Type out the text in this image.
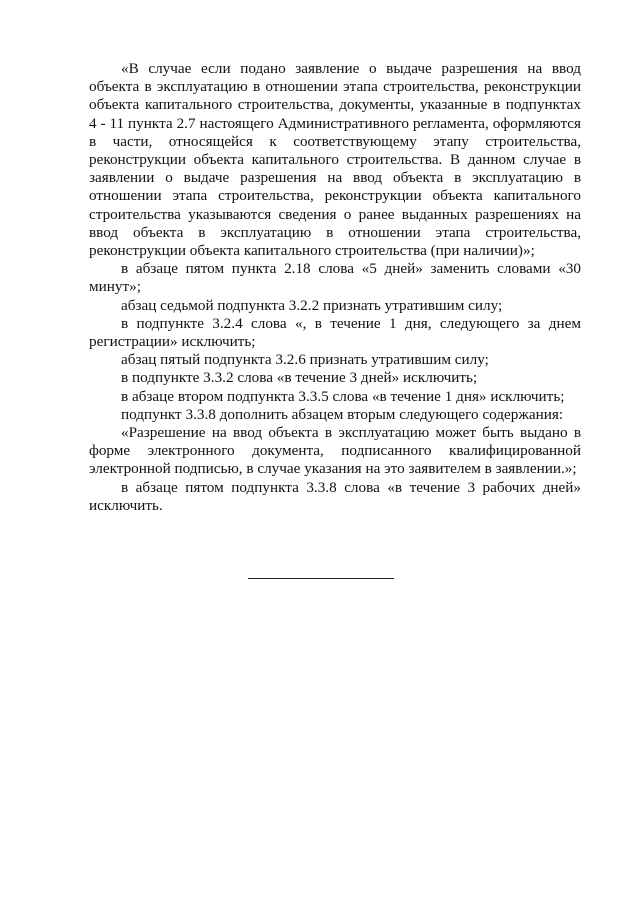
«В случае если подано заявление о выдаче разрешения на ввод объекта в эксплуатацию в отношении этапа строительства, реконструкции объекта капитального строительства, документы, указанные в подпунктах 4 - 11 пункта 2.7 настоящего Административного регламента, оформляются в части, относящейся к соответствующему этапу строительства, реконструкции объекта капитального строительства. В данном случае в заявлении о выдаче разрешения на ввод объекта в эксплуатацию в отношении этапа строительства, реконструкции объекта капитального строительства указываются сведения о ранее выданных разрешениях на ввод объекта в эксплуатацию в отношении этапа строительства, реконструкции объекта капитального строительства (при наличии)»;

в абзаце пятом пункта 2.18 слова «5 дней» заменить словами «30 минут»;

абзац седьмой подпункта 3.2.2 признать утратившим силу;

в подпункте 3.2.4 слова «, в течение 1 дня, следующего за днем регистрации» исключить;

абзац пятый подпункта 3.2.6 признать утратившим силу;

в подпункте 3.3.2 слова «в течение 3 дней» исключить;

в абзаце втором подпункта 3.3.5 слова «в течение 1 дня» исключить;

подпункт 3.3.8 дополнить абзацем вторым следующего содержания:

«Разрешение на ввод объекта в эксплуатацию может быть выдано в форме электронного документа, подписанного квалифицированной электронной подписью, в случае указания на это заявителем в заявлении.»;

в абзаце пятом подпункта 3.3.8 слова «в течение 3 рабочих дней» исключить.
